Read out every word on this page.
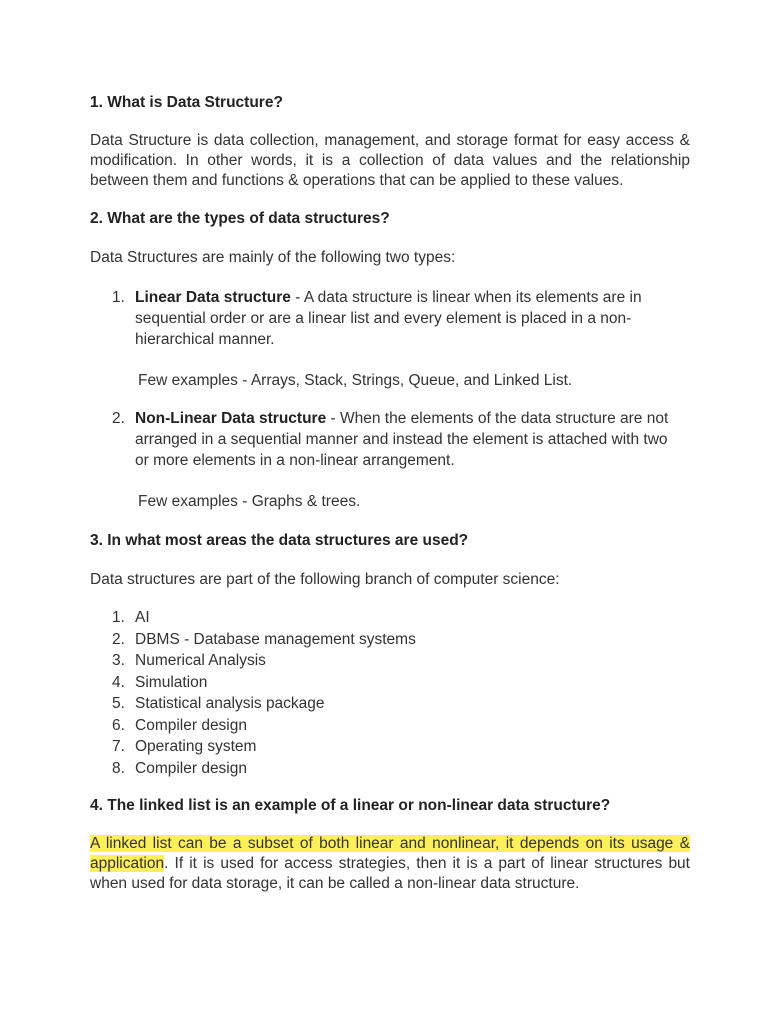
1. What is Data Structure?
Data Structure is data collection, management, and storage format for easy access & modification. In other words, it is a collection of data values and the relationship between them and functions & operations that can be applied to these values.
2. What are the types of data structures?
Data Structures are mainly of the following two types:
1. Linear Data structure - A data structure is linear when its elements are in sequential order or are a linear list and every element is placed in a non-hierarchical manner.
Few examples - Arrays, Stack, Strings, Queue, and Linked List.
2. Non-Linear Data structure - When the elements of the data structure are not arranged in a sequential manner and instead the element is attached with two or more elements in a non-linear arrangement.
Few examples - Graphs & trees.
3. In what most areas the data structures are used?
Data structures are part of the following branch of computer science:
1. AI
2. DBMS - Database management systems
3. Numerical Analysis
4. Simulation
5. Statistical analysis package
6. Compiler design
7. Operating system
8. Compiler design
4. The linked list is an example of a linear or non-linear data structure?
A linked list can be a subset of both linear and nonlinear, it depends on its usage & application. If it is used for access strategies, then it is a part of linear structures but when used for data storage, it can be called a non-linear data structure.
